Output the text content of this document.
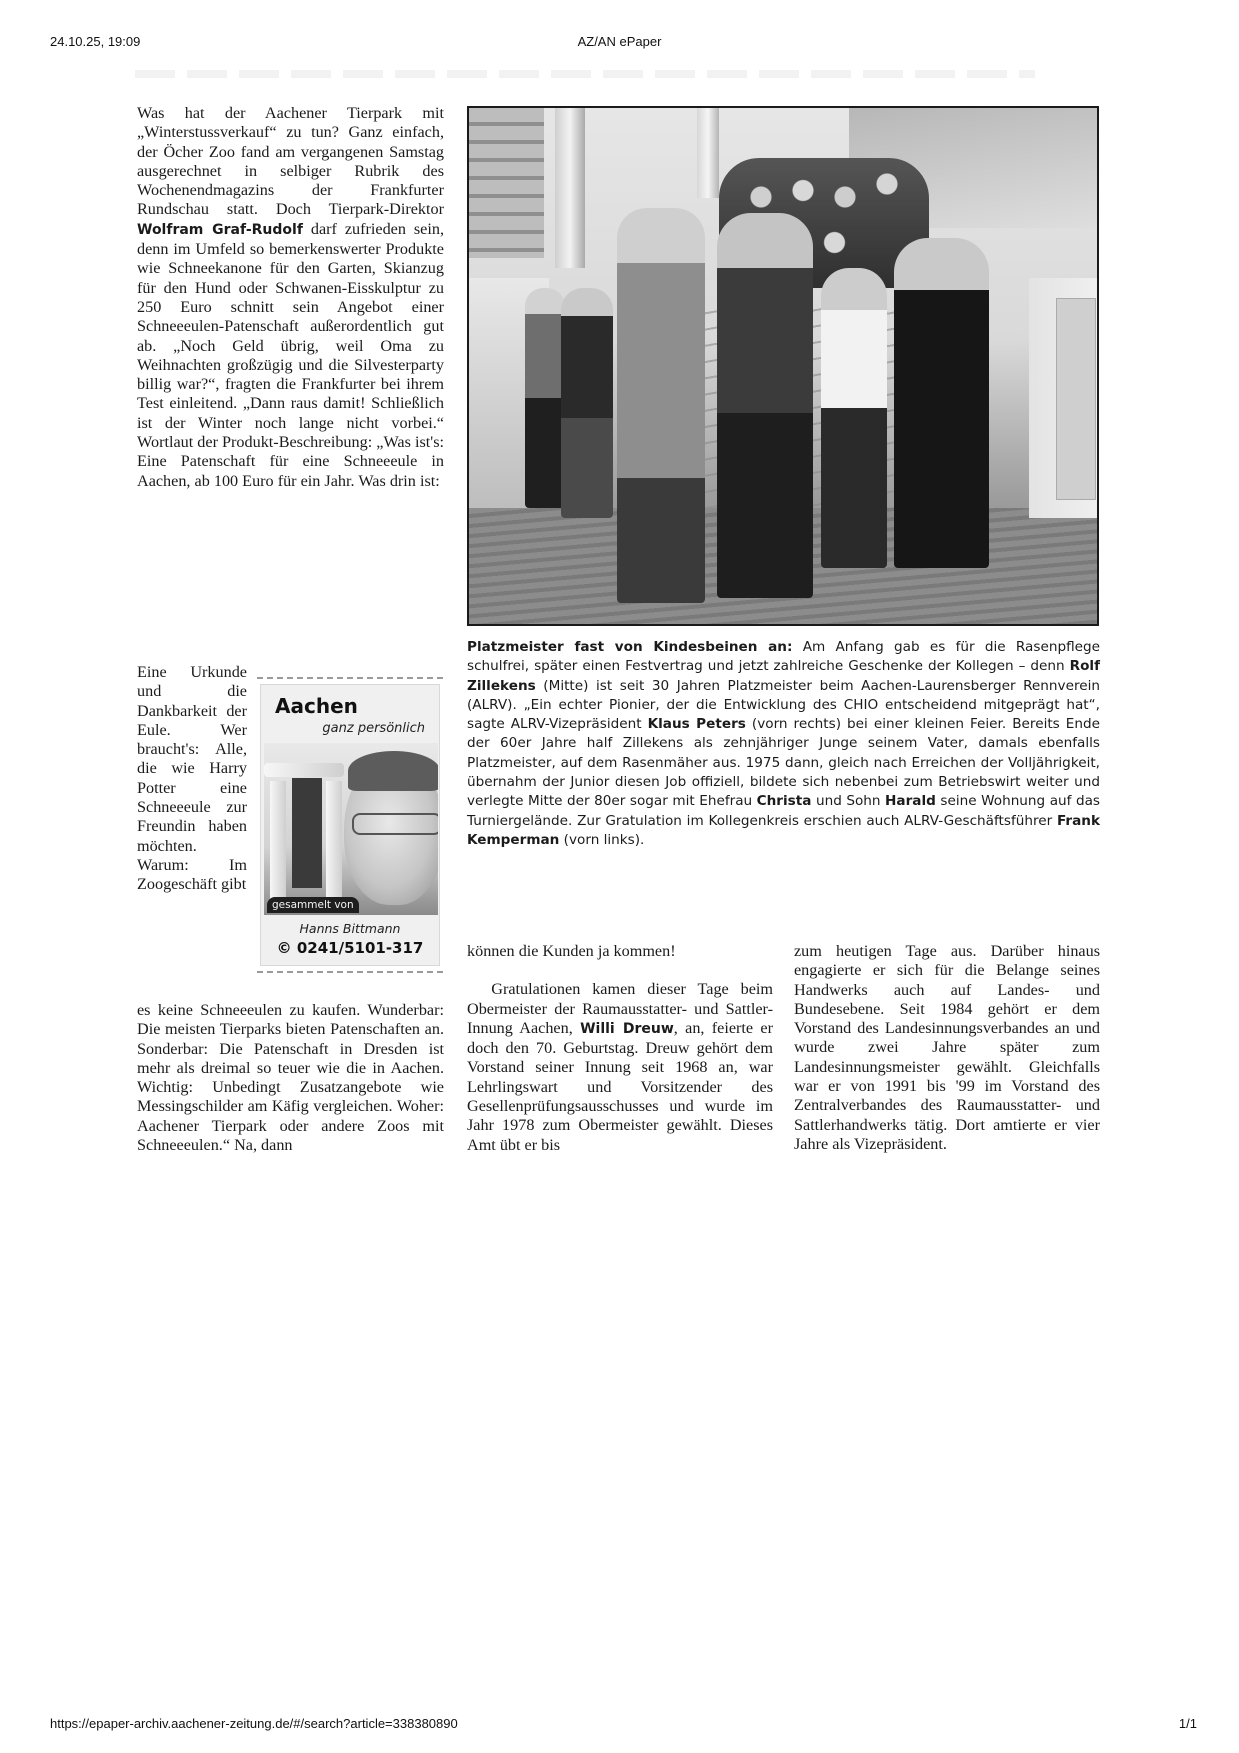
24.10.25, 19:09	AZ/AN ePaper

Was hat der Aachener Tierpark mit „Winterstussverkauf“ zu tun? Ganz einfach, der Öcher Zoo fand am vergangenen Samstag ausgerechnet in selbiger Rubrik des Wochenendmagazins der Frankfurter Rundschau statt. Doch Tierpark-Direktor Wolfram Graf-Rudolf darf zufrieden sein, denn im Umfeld so bemerkenswerter Produkte wie Schneekanone für den Garten, Skianzug für den Hund oder Schwanen-Eisskulptur zu 250 Euro schnitt sein Angebot einer Schneeeulen-Patenschaft außerordentlich gut ab. „Noch Geld übrig, weil Oma zu Weihnachten großzügig und die Silvesterparty billig war?“, fragten die Frankfurter bei ihrem Test einleitend. „Dann raus damit! Schließlich ist der Winter noch lange nicht vorbei.“ Wortlaut der Produkt-Beschreibung: „Was ist's: Eine Patenschaft für eine Schneeeule in Aachen, ab 100 Euro für ein Jahr. Was drin ist:

Eine Urkunde und die Dankbarkeit der Eule. Wer braucht's: Alle, die wie Harry Potter eine Schneeeule zur Freundin haben möchten. Warum: Im Zoogeschäft gibt

Aachen
ganz persönlich
gesammelt von
Hanns Bittmann
© 0241/5101-317

es keine Schneeeulen zu kaufen. Wunderbar: Die meisten Tierparks bieten Patenschaften an. Sonderbar: Die Patenschaft in Dresden ist mehr als dreimal so teuer wie die in Aachen. Wichtig: Unbedingt Zusatzangebote wie Messingschilder am Käfig vergleichen. Woher: Aachener Tierpark oder andere Zoos mit Schneeeulen.“ Na, dann

Platzmeister fast von Kindesbeinen an: Am Anfang gab es für die Rasenpflege schulfrei, später einen Festvertrag und jetzt zahlreiche Geschenke der Kollegen – denn Rolf Zillekens (Mitte) ist seit 30 Jahren Platzmeister beim Aachen-Laurensberger Rennverein (ALRV). „Ein echter Pionier, der die Entwicklung des CHIO entscheidend mitgeprägt hat“, sagte ALRV-Vizepräsident Klaus Peters (vorn rechts) bei einer kleinen Feier. Bereits Ende der 60er Jahre half Zillekens als zehnjähriger Junge seinem Vater, damals ebenfalls Platzmeister, auf dem Rasenmäher aus. 1975 dann, gleich nach Erreichen der Volljährigkeit, übernahm der Junior diesen Job offiziell, bildete sich nebenbei zum Betriebswirt weiter und verlegte Mitte der 80er sogar mit Ehefrau Christa und Sohn Harald seine Wohnung auf das Turniergelände. Zur Gratulation im Kollegenkreis erschien auch ALRV-Geschäftsführer Frank Kemperman (vorn links).

können die Kunden ja kommen!

Gratulationen kamen dieser Tage beim Obermeister der Raumausstatter- und Sattler-Innung Aachen, Willi Dreuw, an, feierte er doch den 70. Geburtstag. Dreuw gehört dem Vorstand seiner Innung seit 1968 an, war Lehrlingswart und Vorsitzender des Gesellenprüfungsausschusses und wurde im Jahr 1978 zum Obermeister gewählt. Dieses Amt übt er bis

zum heutigen Tage aus. Darüber hinaus engagierte er sich für die Belange seines Handwerks auch auf Landes- und Bundesebene. Seit 1984 gehört er dem Vorstand des Landesinnungsverbandes an und wurde zwei Jahre später zum Landesinnungsmeister gewählt. Gleichfalls war er von 1991 bis '99 im Vorstand des Zentralverbandes des Raumausstatter- und Sattlerhandwerks tätig. Dort amtierte er vier Jahre als Vizepräsident.

https://epaper-archiv.aachener-zeitung.de/#/search?article=338380890	1/1
